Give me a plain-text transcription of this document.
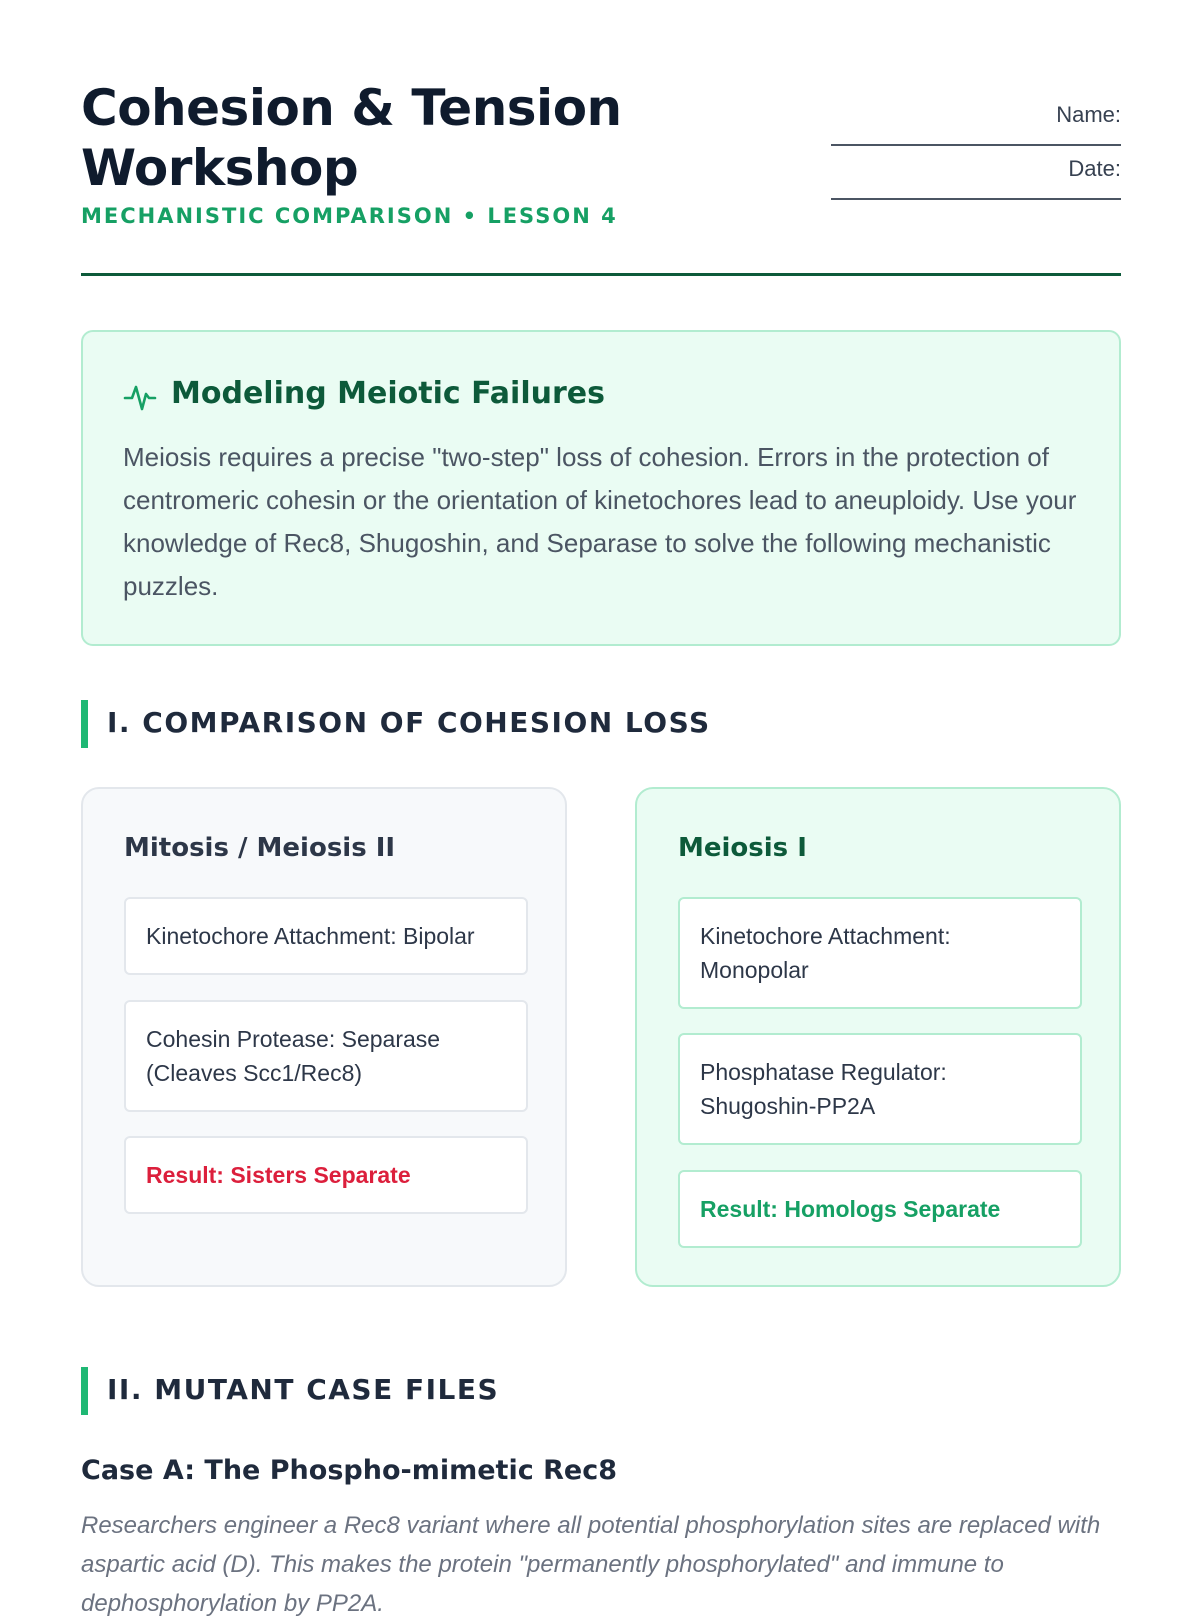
Cohesion & Tension Workshop
MECHANISTIC COMPARISON • LESSON 4
Name:
Date:
Modeling Meiotic Failures

Meiosis requires a precise "two-step" loss of cohesion. Errors in the protection of centromeric cohesin or the orientation of kinetochores lead to aneuploidy. Use your knowledge of Rec8, Shugoshin, and Separase to solve the following mechanistic puzzles.

I. COMPARISON OF COHESION LOSS
Mitosis / Meiosis II
Kinetochore Attachment: Bipolar
Cohesin Protease: Separase (Cleaves Scc1/Rec8)
Result: Sisters Separate
Meiosis I
Kinetochore Attachment: Monopolar
Phosphatase Regulator: Shugoshin-PP2A
Result: Homologs Separate
II. MUTANT CASE FILES
Case A: The Phospho-mimetic Rec8

Researchers engineer a Rec8 variant where all potential phosphorylation sites are replaced with aspartic acid (D). This makes the protein "permanently phosphorylated" and immune to dephosphorylation by PP2A.
